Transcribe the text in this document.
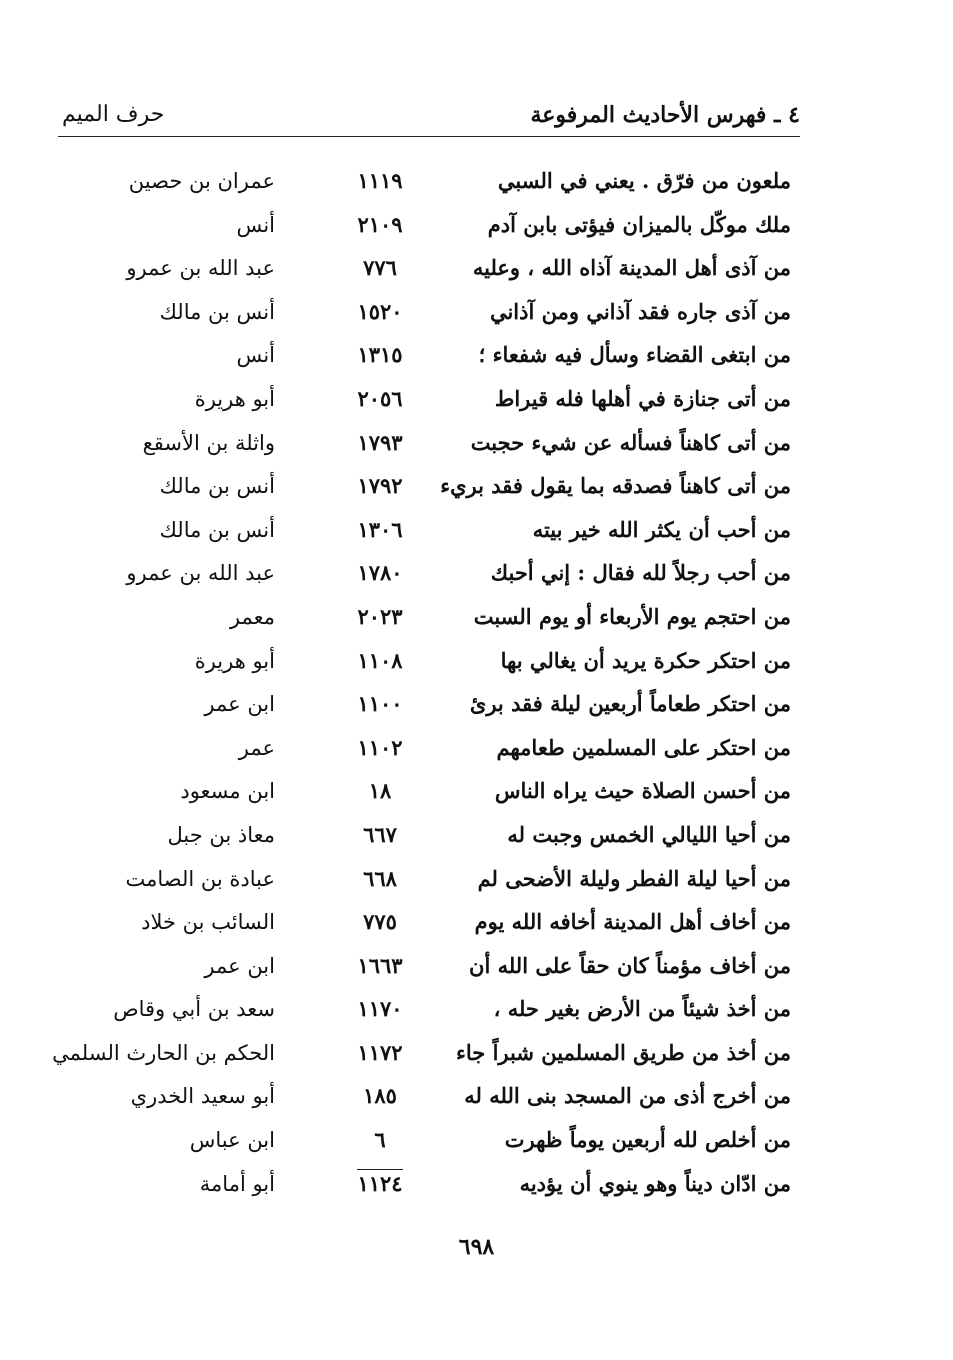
٤ ـ فهرس الأحاديث المرفوعة
حرف الميم
ملعون من فرّق . يعني في السبي
١١١٩
عمران بن حصين
ملك موكّل بالميزان فيؤتى بابن آدم
٢١٠٩
أنس
من آذى أهل المدينة آذاه الله ، وعليه
٧٧٦
عبد الله بن عمرو
من آذى جاره فقد آذاني ومن آذاني
١٥٢٠
أنس بن مالك
من ابتغى القضاء وسأل فيه شفعاء ؛
١٣١٥
أنس
من أتى جنازة في أهلها فله قيراط
٢٠٥٦
أبو هريرة
من أتى كاهناً فسأله عن شيء حجبت
١٧٩٣
واثلة بن الأسقع
من أتى كاهناً فصدقه بما يقول فقد بريء
١٧٩٢
أنس بن مالك
من أحب أن يكثر الله خير بيته
١٣٠٦
أنس بن مالك
من أحب رجلاً لله فقال : إني أحبك
١٧٨٠
عبد الله بن عمرو
من احتجم يوم الأربعاء أو يوم السبت
٢٠٢٣
معمر
من احتكر حكرة يريد أن يغالي بها
١١٠٨
أبو هريرة
من احتكر طعاماً أربعين ليلة فقد برئ
١١٠٠
ابن عمر
من احتكر على المسلمين طعامهم
١١٠٢
عمر
من أحسن الصلاة حيث يراه الناس
١٨
ابن مسعود
من أحيا الليالي الخمس وجبت له
٦٦٧
معاذ بن جبل
من أحيا ليلة الفطر وليلة الأضحى لم
٦٦٨
عبادة بن الصامت
من أخاف أهل المدينة أخافه الله يوم
٧٧٥
السائب بن خلاد
من أخاف مؤمناً كان حقاً على الله أن
١٦٦٣
ابن عمر
من أخذ شيئاً من الأرض بغير حله ،
١١٧٠
سعد بن أبي وقاص
من أخذ من طريق المسلمين شبراً جاء
١١٧٢
الحكم بن الحارث السلمي
من أخرج أذى من المسجد بنى الله له
١٨٥
أبو سعيد الخدري
من أخلص لله أربعين يوماً ظهرت
٦
ابن عباس
من ادّان ديناً وهو ينوي أن يؤديه
١١٢٤
أبو أمامة
٦٩٨
